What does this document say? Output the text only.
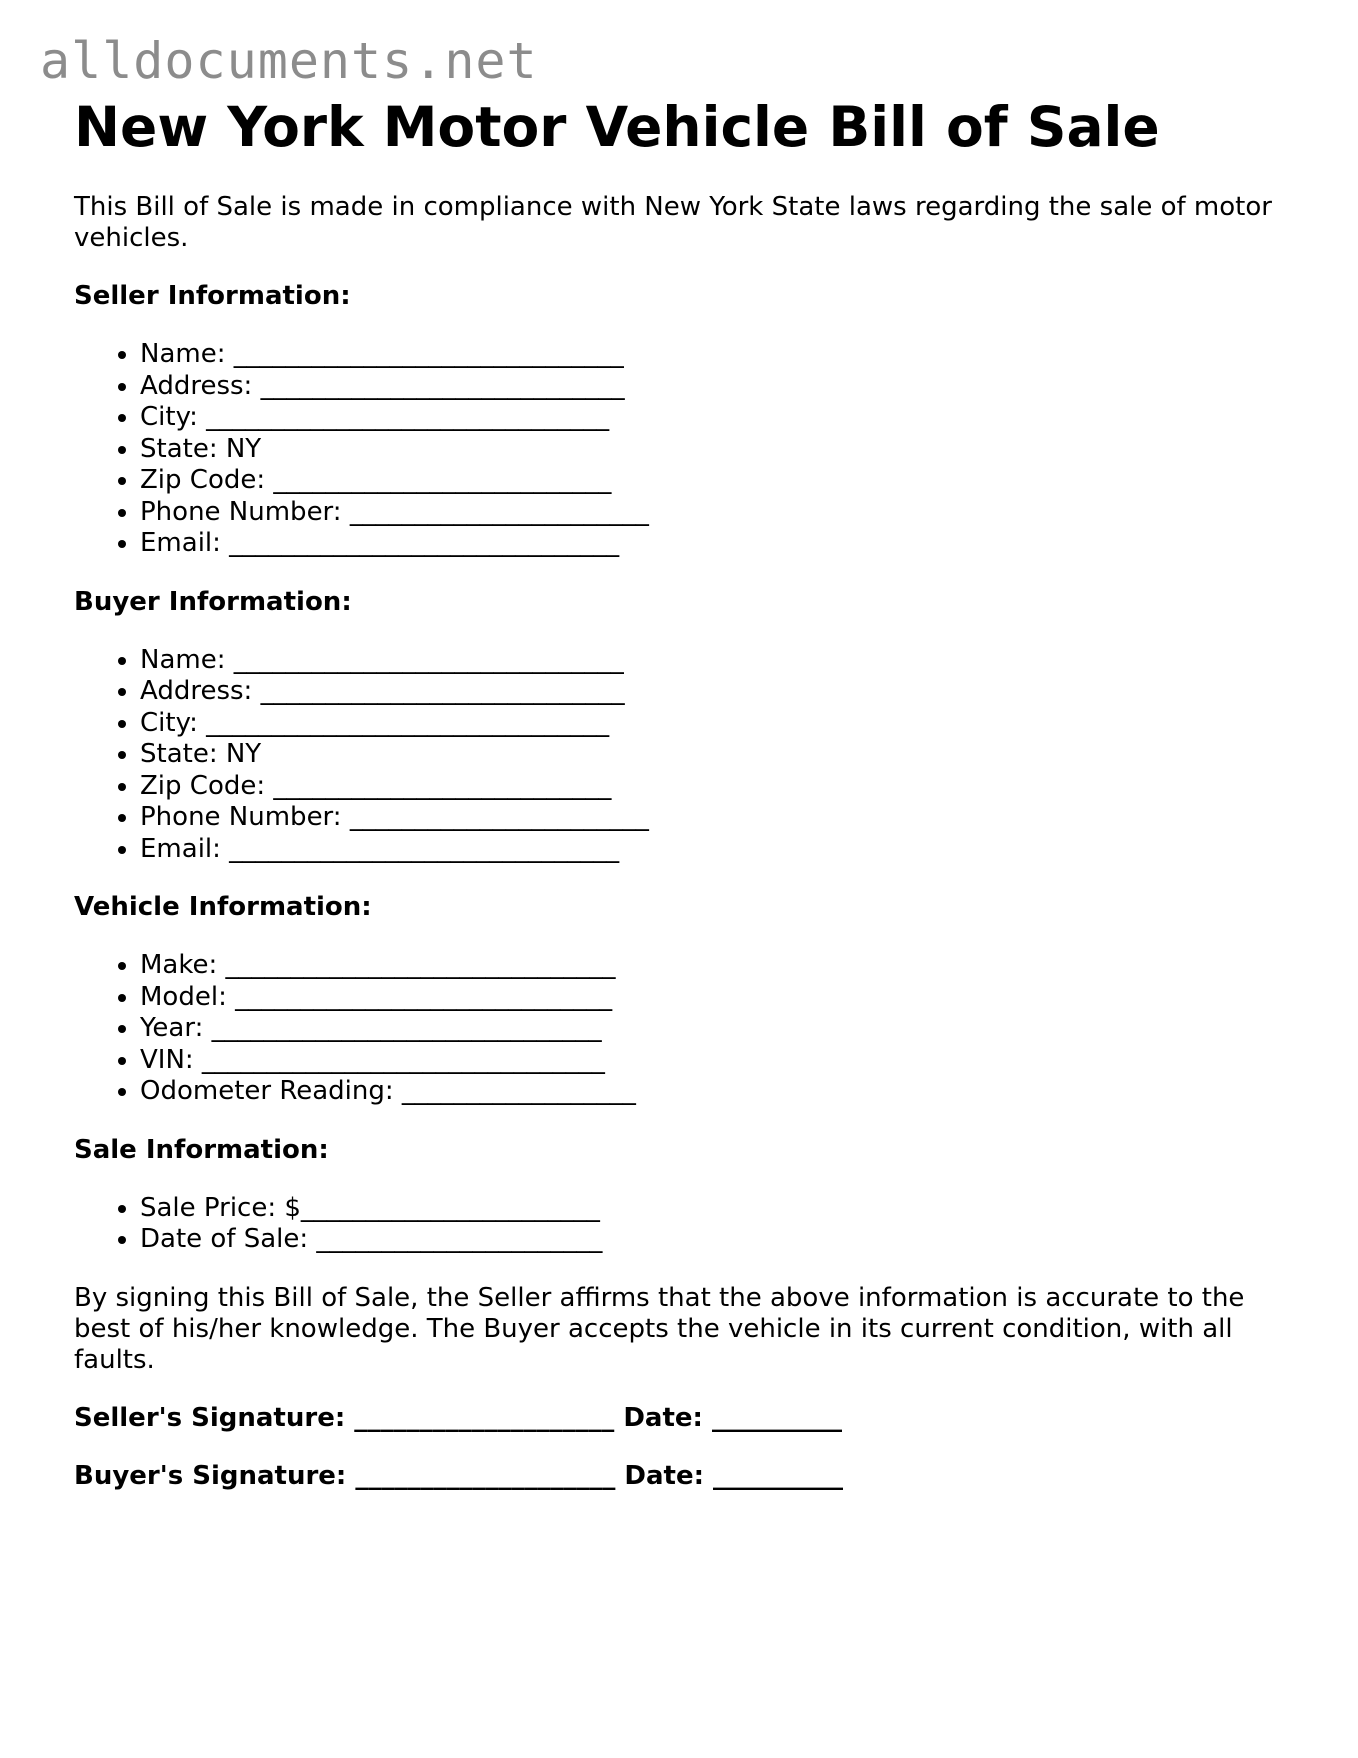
alldocuments.net
New York Motor Vehicle Bill of Sale

This Bill of Sale is made in compliance with New York State laws regarding the sale of motor vehicles.

Seller Information:

• Name: ______________________________
• Address: ____________________________
• City: _______________________________
• State: NY
• Zip Code: __________________________
• Phone Number: _______________________
• Email: ______________________________

Buyer Information:

• Name: ______________________________
• Address: ____________________________
• City: _______________________________
• State: NY
• Zip Code: __________________________
• Phone Number: _______________________
• Email: ______________________________

Vehicle Information:

• Make: ______________________________
• Model: _____________________________
• Year: ______________________________
• VIN: _______________________________
• Odometer Reading: __________________

Sale Information:

• Sale Price: $_______________________
• Date of Sale: ______________________

By signing this Bill of Sale, the Seller affirms that the above information is accurate to the best of his/her knowledge. The Buyer accepts the vehicle in its current condition, with all faults.

Seller's Signature: ____________________ Date: __________

Buyer's Signature: ____________________ Date: __________
